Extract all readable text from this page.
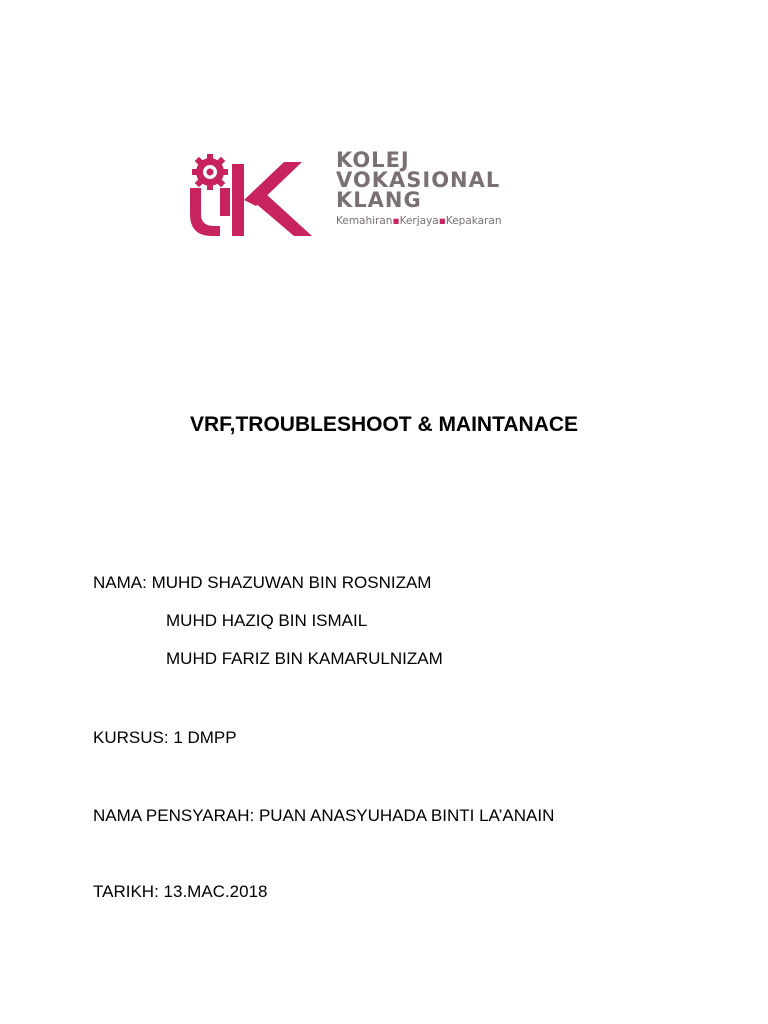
KOLEJ
VOKASIONAL
KLANG
Kemahiran▪Kerjaya▪Kepakaran
VRF,TROUBLESHOOT & MAINTANACE
NAMA: MUHD SHAZUWAN BIN ROSNIZAM
MUHD HAZIQ BIN ISMAIL
MUHD FARIZ BIN KAMARULNIZAM
KURSUS: 1 DMPP
NAMA PENSYARAH: PUAN ANASYUHADA BINTI LA’ANAIN
TARIKH: 13.MAC.2018
